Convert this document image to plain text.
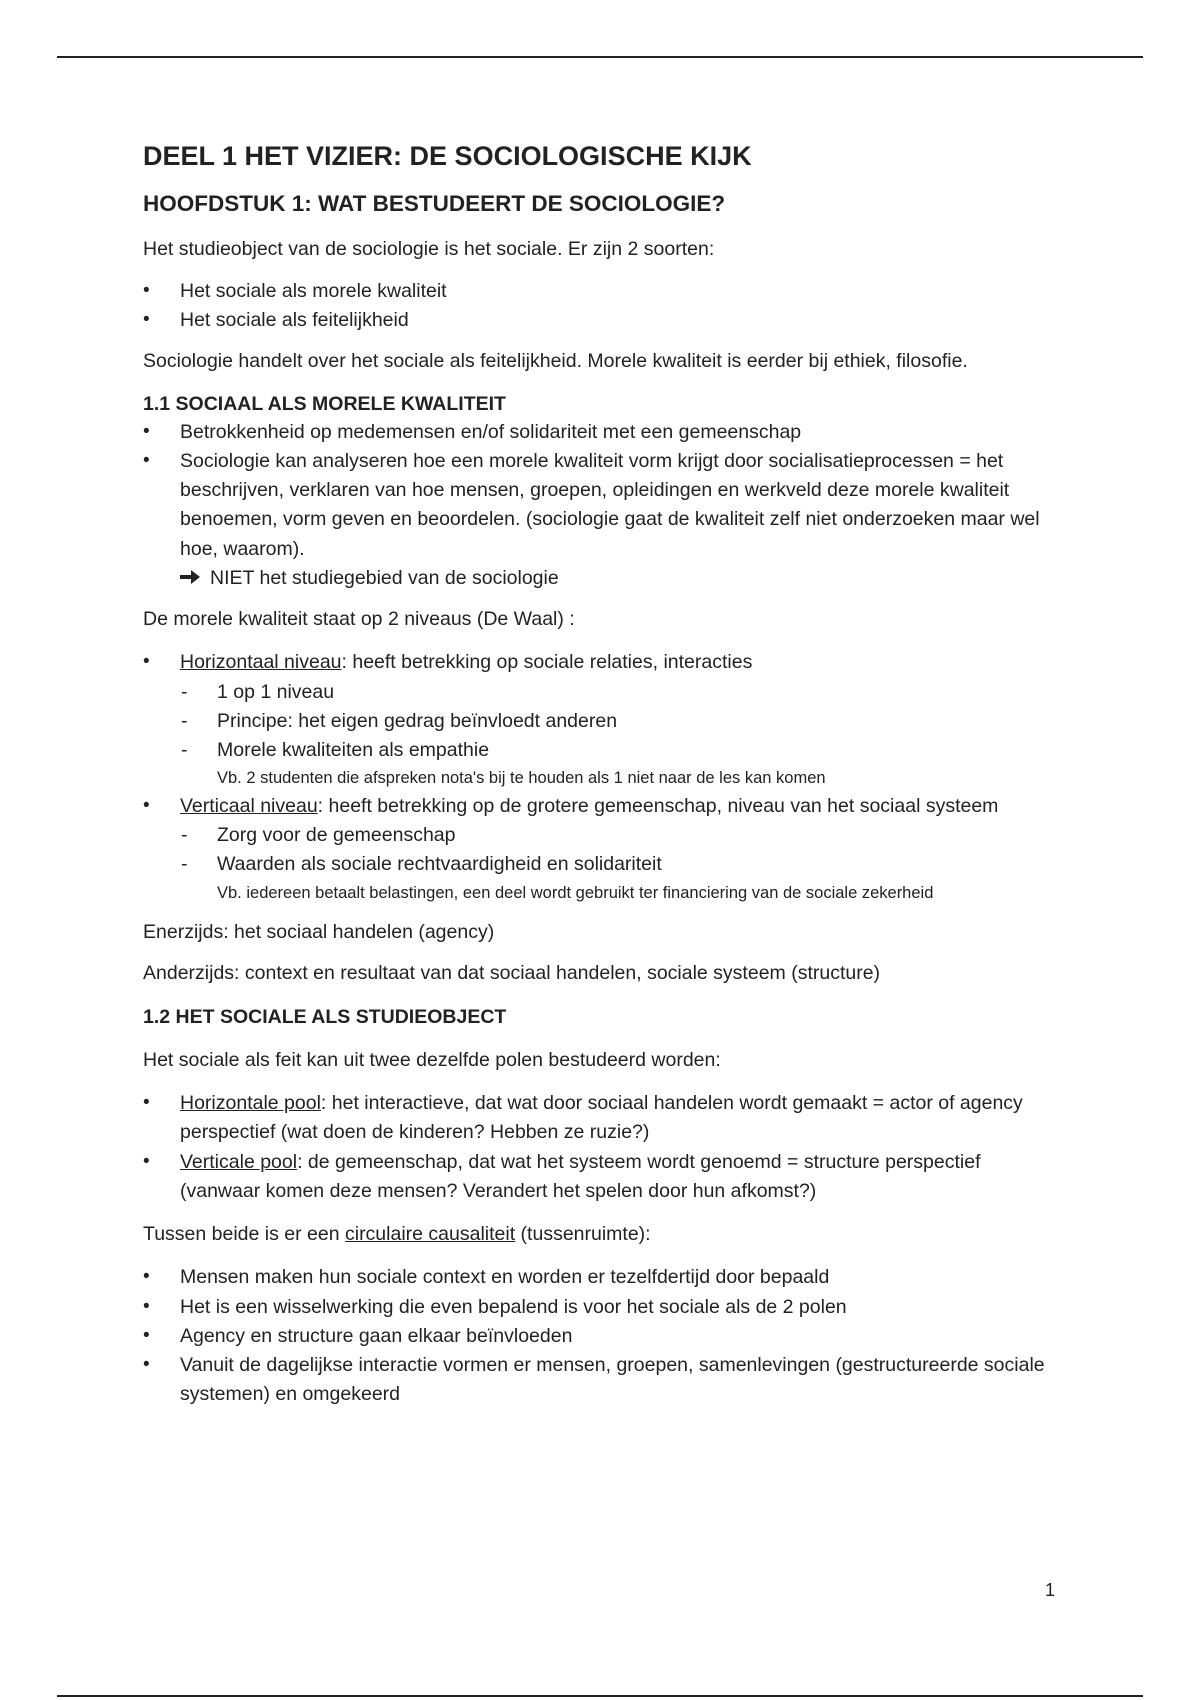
DEEL 1 HET VIZIER: DE SOCIOLOGISCHE KIJK
HOOFDSTUK 1: WAT BESTUDEERT DE SOCIOLOGIE?

Het studieobject van de sociologie is het sociale. Er zijn 2 soorten:

• Het sociale als morele kwaliteit
• Het sociale als feitelijkheid

Sociologie handelt over het sociale als feitelijkheid. Morele kwaliteit is eerder bij ethiek, filosofie.

1.1 SOCIAAL ALS MORELE KWALITEIT
• Betrokkenheid op medemensen en/of solidariteit met een gemeenschap
• Sociologie kan analyseren hoe een morele kwaliteit vorm krijgt door socialisatieprocessen = het beschrijven, verklaren van hoe mensen, groepen, opleidingen en werkveld deze morele kwaliteit benoemen, vorm geven en beoordelen. (sociologie gaat de kwaliteit zelf niet onderzoeken maar wel hoe, waarom).
NIET het studiegebied van de sociologie

De morele kwaliteit staat op 2 niveaus (De Waal) :

• Horizontaal niveau: heeft betrekking op sociale relaties, interacties
- 1 op 1 niveau
- Principe: het eigen gedrag beïnvloedt anderen
- Morele kwaliteiten als empathie
Vb. 2 studenten die afspreken nota's bij te houden als 1 niet naar de les kan komen
• Verticaal niveau: heeft betrekking op de grotere gemeenschap, niveau van het sociaal systeem
- Zorg voor de gemeenschap
- Waarden als sociale rechtvaardigheid en solidariteit
Vb. iedereen betaalt belastingen, een deel wordt gebruikt ter financiering van de sociale zekerheid

Enerzijds: het sociaal handelen (agency)

Anderzijds: context en resultaat van dat sociaal handelen, sociale systeem (structure)

1.2 HET SOCIALE ALS STUDIEOBJECT

Het sociale als feit kan uit twee dezelfde polen bestudeerd worden:

• Horizontale pool: het interactieve, dat wat door sociaal handelen wordt gemaakt = actor of agency perspectief (wat doen de kinderen? Hebben ze ruzie?)
• Verticale pool: de gemeenschap, dat wat het systeem wordt genoemd = structure perspectief (vanwaar komen deze mensen? Verandert het spelen door hun afkomst?)

Tussen beide is er een circulaire causaliteit (tussenruimte):

• Mensen maken hun sociale context en worden er tezelfdertijd door bepaald
• Het is een wisselwerking die even bepalend is voor het sociale als de 2 polen
• Agency en structure gaan elkaar beïnvloeden
• Vanuit de dagelijkse interactie vormen er mensen, groepen, samenlevingen (gestructureerde sociale systemen) en omgekeerd
1
